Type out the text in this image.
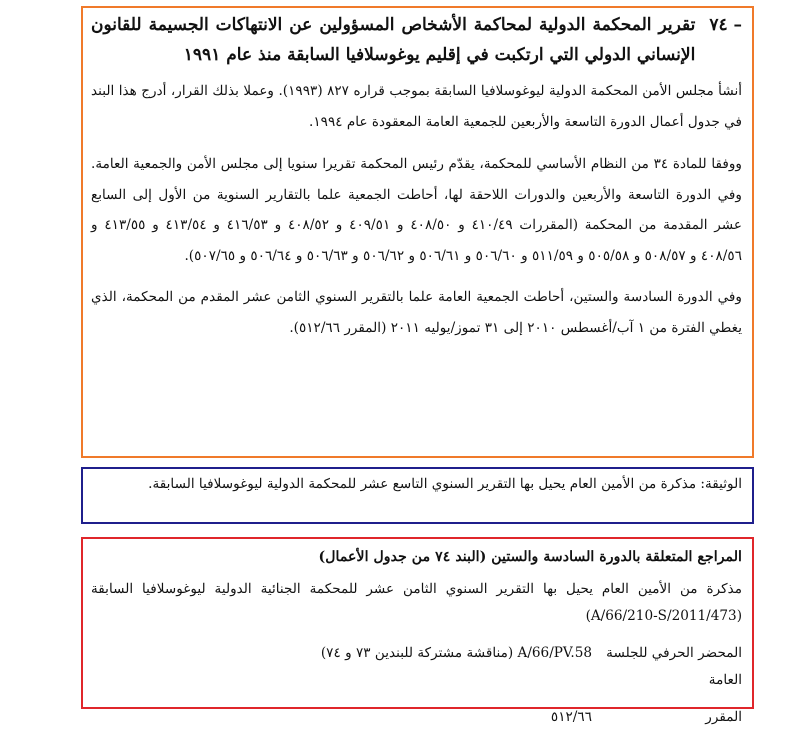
– ٧٤
تقرير المحكمة الدولية لمحاكمة الأشخاص المسؤولين عن الانتهاكات الجسيمة للقانون الإنساني الدولي التي ارتكبت في إقليم يوغوسلافيا السابقة منذ عام ١٩٩١

أنشأ مجلس الأمن المحكمة الدولية ليوغوسلافيا السابقة بموجب قراره ٨٢٧ (١٩٩٣). وعملا بذلك القرار، أدرج هذا البند في جدول أعمال الدورة التاسعة والأربعين للجمعية العامة المعقودة عام ١٩٩٤.

ووفقا للمادة ٣٤ من النظام الأساسي للمحكمة، يقدّم رئيس المحكمة تقريرا سنويا إلى مجلس الأمن والجمعية العامة. وفي الدورة التاسعة والأربعين والدورات اللاحقة لها، أحاطت الجمعية علما بالتقارير السنوية من الأول إلى السابع عشر المقدمة من المحكمة (المقررات ٤١٠/٤٩ و ٤٠٨/٥٠ و ٤٠٩/٥١ و ٤٠٨/٥٢ و ٤١٦/٥٣ و ٤١٣/٥٤ و ٤١٣/٥٥ و ٤٠٨/٥٦ و ٥٠٨/٥٧ و ٥٠٥/٥٨ و ٥١١/٥٩ و ٥٠٦/٦٠ و ٥٠٦/٦١ و ٥٠٦/٦٢ و ٥٠٦/٦٣ و ٥٠٦/٦٤ و ٥٠٧/٦٥).

وفي الدورة السادسة والستين، أحاطت الجمعية العامة علما بالتقرير السنوي الثامن عشر المقدم من المحكمة، الذي يغطي الفترة من ١ آب/أغسطس ٢٠١٠ إلى ٣١ تموز/يوليه ٢٠١١ (المقرر ٥١٢/٦٦).

الوثيقة: مذكرة من الأمين العام يحيل بها التقرير السنوي التاسع عشر للمحكمة الدولية ليوغوسلافيا السابقة.

المراجع المتعلقة بالدورة السادسة والستين (البند ٧٤ من جدول الأعمال)

مذكرة من الأمين العام يحيل بها التقرير السنوي الثامن عشر للمحكمة الجنائية الدولية ليوغوسلافيا السابقة (A/66/210-S/2011/473)

المحضر الحرفي للجلسة العامة
A/66/PV.58 (مناقشة مشتركة للبندين ٧٣ و ٧٤)
المقرر
٥١٢/٦٦
